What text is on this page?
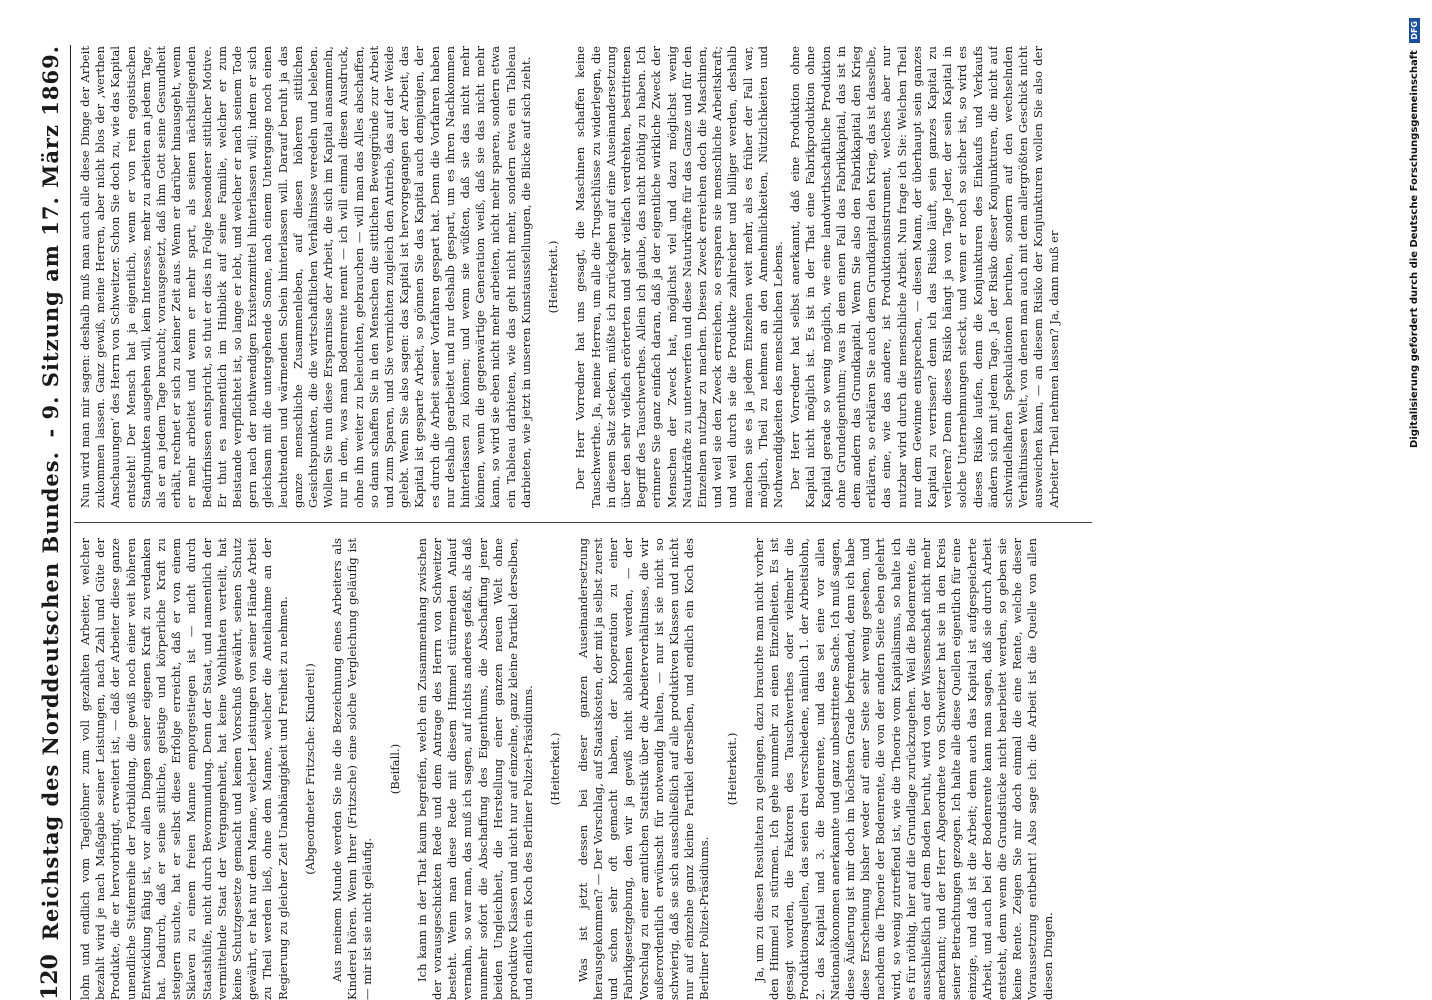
120
Reichstag des Norddeutschen Bundes.
- 9. Sitzung am 17. März 1869.

lohn und endlich vom Tagelöhner zum voll gezahlten Arbeiter, welcher bezahlt wird je nach Maßgabe seiner Leistungen, nach Zahl und Güte der Produkte, die er hervorbringt, erweitert ist, — daß der Arbeiter diese ganze unendliche Stufenreihe der Fortbildung, die gewiß noch einer weit höheren Entwicklung fähig ist, vor allen Dingen seiner eigenen Kraft zu verdanken hat. Dadurch, daß er seine sittliche, geistige und körperliche Kraft zu steigern suchte, hat er selbst diese Erfolge erreicht, daß er von einem Sklaven zu einem freien Manne emporgestiegen ist — nicht durch Staatshülfe, nicht durch Bevormundung. Denn der Staat, und namentlich der vermittelnde Staat der Vergangenheit, hat keine Wohlthaten verteilt, hat keine Schutzgesetze gemacht und keinen Vorschuß gewährt, seinen Schutz gewährt, er hat nur dem Manne, welcher Leistungen von seiner Hände Arbeit zu Theil werden ließ, ohne dem Manne, welcher die Anteilnahme an der Regierung zu gleicher Zeit Unabhängigkeit und Freiheit zu nehmen. (Abgeordneter Fritzsche: Kinderei!) Aus meinem Munde werden Sie nie die Bezeichnung eines Arbeiters als Kinderei hören. Wenn Ihrer (Fritzsche) eine solche Vergleichung geläufig ist — mir ist sie nicht geläufig.

(Beifall.) Ich kann in der That kaum begreifen, welch ein Zusammenhang zwischen der vorausgeschickten Rede und dem Antrage des Herrn von Schweitzer besteht. Wenn man diese Rede mit diesem Himmel stürmenden Anlauf vernahm, so war man, das muß ich sagen, auf nichts anderes gefaßt, als daß nunmehr sofort die Abschaffung des Eigenthums, die Abschaffung jener beiden Ungleichheit, die Herstellung einer ganzen neuen Welt ohne produktive Klassen und nicht nur auf einzelne, ganz kleine Partikel derselben, und endlich ein Koch des Berliner Polizei-Präsidiums. (Heiterkeit.) Was ist jetzt dessen bei dieser ganzen Auseinandersetzung herausgekommen? — Der Vorschlag, auf Staatskosten, der mit ja selbst zuerst und schon sehr oft gemacht haben, der Kooperation zu einer Fabrikgesetzgebung, den wir ja gewiß nicht ablehnen werden, — der Vorschlag zu einer amtlichen Statistik über die Arbeiterverhältnisse, die wir außerordentlich erwünscht für notwendig halten, — nur ist sie nicht so schwierig, daß sie sich ausschließlich auf alle produktiven Klassen und nicht nur auf einzelne ganz kleine Partikel derselben, und endlich ein Koch des Berliner Polizei-Präsidiums.

(Heiterkeit.) Ja, um zu diesen Resultaten zu gelangen, dazu brauchte man nicht vorher den Himmel zu stürmen. Ich gehe nunmehr zu einen Einzelheiten. Es ist gesagt worden, die Faktoren des Tauschwerthes oder vielmehr die Produktionsquellen, das seien drei verschiedene, nämlich 1. der Arbeitslohn, 2. das Kapital und 3. die Bodenrente, und das sei eine vor allen Nationalökonomen anerkannte und ganz unbestrittene Sache. Ich muß sagen, diese Äußerung ist mir doch im höchsten Grade befremdend, denn ich habe diese Erscheinung bisher weder auf einer Seite sehr wenig gesehen, und nachdem die Theorie der Bodenrente, die von der andern Seite eben gelehrt wird, so wenig zutreffend ist, wie die Theorie vom Kapitalismus, so halte ich es für nöthig, hier auf die Grundlage zurückzugehen. Weil die Bodenrente, die ausschließlich auf dem Boden beruht, wird von der Wissenschaft nicht mehr anerkannt; und der Herr Abgeordnete von Schweitzer hat sie in den Kreis seiner Betrachtungen gezogen. Ich halte alle diese Quellen eigentlich für eine einzige, und daß ist die Arbeit; denn auch das Kapital ist aufgespeicherte Arbeit, und auch bei der Bodenrente kann man sagen, daß sie durch Arbeit entsteht, denn wenn die Grundstücke nicht bearbeitet werden, so geben sie keine Rente. Zeigen Sie mir doch einmal die eine Rente, welche dieser Voraussetzung entbehrt! Also sage ich: die Arbeit ist die Quelle von allen diesen Dingen.

Nun wird man mir sagen: deshalb muß man auch alle diese Dinge der Arbeit zukommen lassen. Ganz gewiß, meine Herren, aber nicht blos der ‚werthen Anschauungen‘ des Herrn von Schweitzer. Schon Sie doch zu, wie das Kapital entsteht! Der Mensch hat ja eigentlich, wenn er von rein egoistischen Standpunkten ausgehen will, kein Interesse, mehr zu arbeiten an jedem Tage, als er an jedem Tage braucht; vorausgesetzt, daß ihm Gott seine Gesundheit erhält, rechnet er sich zu keiner Zeit aus. Wenn er darüber hinausgeht, wenn er mehr arbeitet und wenn er mehr spart, als seinen nächstliegenden Bedürfnissen entspricht, so thut er dies in Folge besonderer sittlicher Motive. Er thut es namentlich im Hinblick auf seine Familie, welcher er zum Beistande verpflichtet ist, so lange er lebt, und welcher er nach seinem Tode gern nach der nothwendigen Existenzmittel hinterlassen will; indem er sich gleichsam mit die untergehende Sonne, nach einem Untergange noch einen leuchtenden und wärmenden Schein hinterlassen will. Darauf beruht ja das ganze menschliche Zusammenleben, auf diesen höheren sittlichen Gesichtspunkten, die die wirtschaftlichen Verhältnisse veredeln und beleben. Wollen Sie nun diese Ersparnisse der Arbeit, die sich im Kapital ansammeln, nur in dem, was man Bodenrente nennt — ich will einmal diesen Ausdruck, ohne ihn weiter zu beleuchten, gebrauchen — will man das Alles abschaffen, so dann schaffen Sie in den Menschen die sittlichen Beweggründe zur Arbeit und zum Sparen, und Sie vernichten zugleich den Antrieb, das auf der Weide gelebt. Wenn Sie also sagen: das Kapital ist hervorgegangen der Arbeit, das Kapital ist gesparte Arbeit, so gönnen Sie das Kapital auch demjenigen, der es durch die Arbeit seiner Vorfahren gespart hat. Denn die Vorfahren haben nur deshalb gearbeitet und nur deshalb gespart, um es ihren Nachkommen hinterlassen zu können; und wenn sie wüßten, daß sie das nicht mehr können, wenn die gegenwärtige Generation weiß, daß sie das nicht mehr kann, so wird sie eben nicht mehr arbeiten, nicht mehr sparen, sondern etwa ein Tableau darbieten, wie das geht nicht mehr, sondern etwa ein Tableau darbieten, wie jetzt in unseren Kunstausstellungen, die Blicke auf sich zieht. (Heiterkeit.) Der Herr Vorredner hat uns gesagt, die Maschinen schaffen keine Tauschwerthe. Ja, meine Herren, um alle die Trugschlüsse zu widerlegen, die in diesem Satz stecken, müßte ich zurückgehen auf eine Auseinandersetzung über den sehr vielfach erörterten und sehr vielfach verdrehten, bestrittenen Begriff des Tauschwerthes. Allein ich glaube, das nicht nöthig zu haben. Ich erinnere Sie ganz einfach daran, daß ja der eigentliche wirkliche Zweck der Menschen der Zweck hat, möglichst viel und dazu möglichst wenig Naturkräfte zu unterwerfen und diese Naturkräfte für das Ganze und für den Einzelnen nutzbar zu machen. Diesen Zweck erreichen doch die Maschinen, und weil sie den Zweck erreichen, so ersparen sie menschliche Arbeitskraft; und weil durch sie die Produkte zahlreicher und billiger werden, deshalb machen sie es ja jedem Einzelnen weit mehr, als es früher der Fall war, möglich, Theil zu nehmen an den Annehmlichkeiten, Nützlichkeiten und Nothwendigkeiten des menschlichen Lebens. Der Herr Vorredner hat selbst anerkannt, daß eine Produktion ohne Kapital nicht möglich ist. Es ist in der That eine Fabrikproduktion ohne Kapital gerade so wenig möglich, wie eine landwirthschaftliche Produktion ohne Grundeigenthum; was in dem einen Fall das Fabrikkapital, das ist in dem andern das Grundkapital. Wenn Sie also den Fabrikkapital den Krieg erklären, so erklären Sie auch dem Grundkapital den Krieg, das ist dasselbe, das eine, wie das andere, ist Produktionsinstrument, welches aber nur nutzbar wird durch die menschliche Arbeit. Nun frage ich Sie: Welchen Theil nur dem Gewinne entsprechen, — diesen Mann, der überhaupt sein ganzes Kapital zu verrissen? denn ich das Risiko läuft, sein ganzes Kapital zu verlieren? Denn dieses Risiko hängt ja von Tage Jeder, der sein Kapital in solche Unternehmungen steckt, und wenn er noch so sicher ist, so wird es dieses Risiko laufen, denn die Konjunkturen des Einkaufs und Verkaufs ändern sich mit jedem Tage. Ja der Risiko dieser Konjunkturen, die nicht auf schwindelhaften Spekulationen beruhen, sondern auf den wechselnden Verhältnissen Welt, von denen man auch mit dem allergrößten Geschick nicht ausweichen kann, — an diesem Risiko der Konjunkturen wollen Sie also der Arbeiter Theil nehmen lassen? Ja, dann muß er	Digitalisierung gefördert durch die Deutsche Forschungsgemeinschaft DFG
